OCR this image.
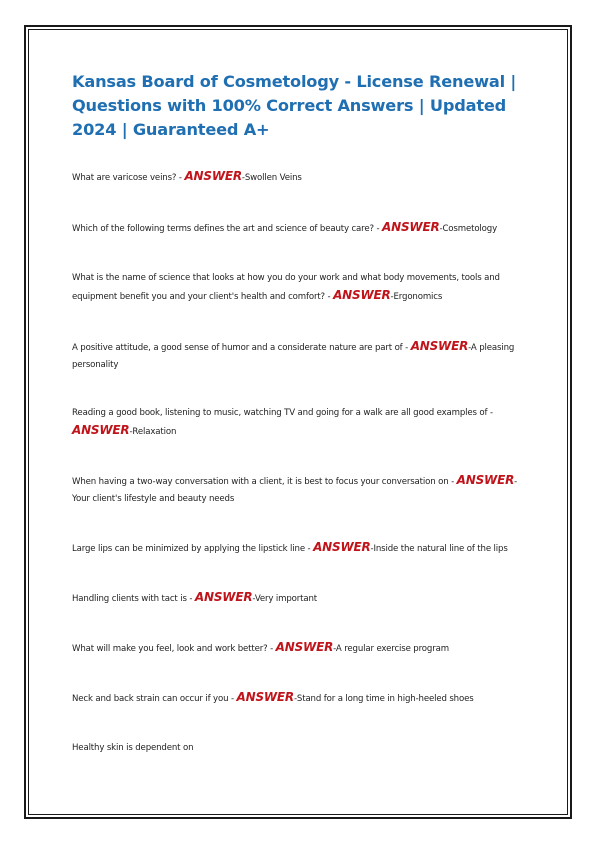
Kansas Board of Cosmetology - License Renewal | Questions with 100% Correct Answers | Updated 2024 | Guaranteed A+

What are varicose veins? - ANSWER-Swollen Veins

Which of the following terms defines the art and science of beauty care? - ANSWER-Cosmetology

What is the name of science that looks at how you do your work and what body movements, tools and equipment benefit you and your client's health and comfort? - ANSWER-Ergonomics

A positive attitude, a good sense of humor and a considerate nature are part of - ANSWER-A pleasing personality

Reading a good book, listening to music, watching TV and going for a walk are all good examples of - ANSWER-Relaxation

When having a two-way conversation with a client, it is best to focus your conversation on - ANSWER-Your client's lifestyle and beauty needs

Large lips can be minimized by applying the lipstick line - ANSWER-Inside the natural line of the lips

Handling clients with tact is - ANSWER-Very important

What will make you feel, look and work better? - ANSWER-A regular exercise program

Neck and back strain can occur if you - ANSWER-Stand for a long time in high-heeled shoes

Healthy skin is dependent on
